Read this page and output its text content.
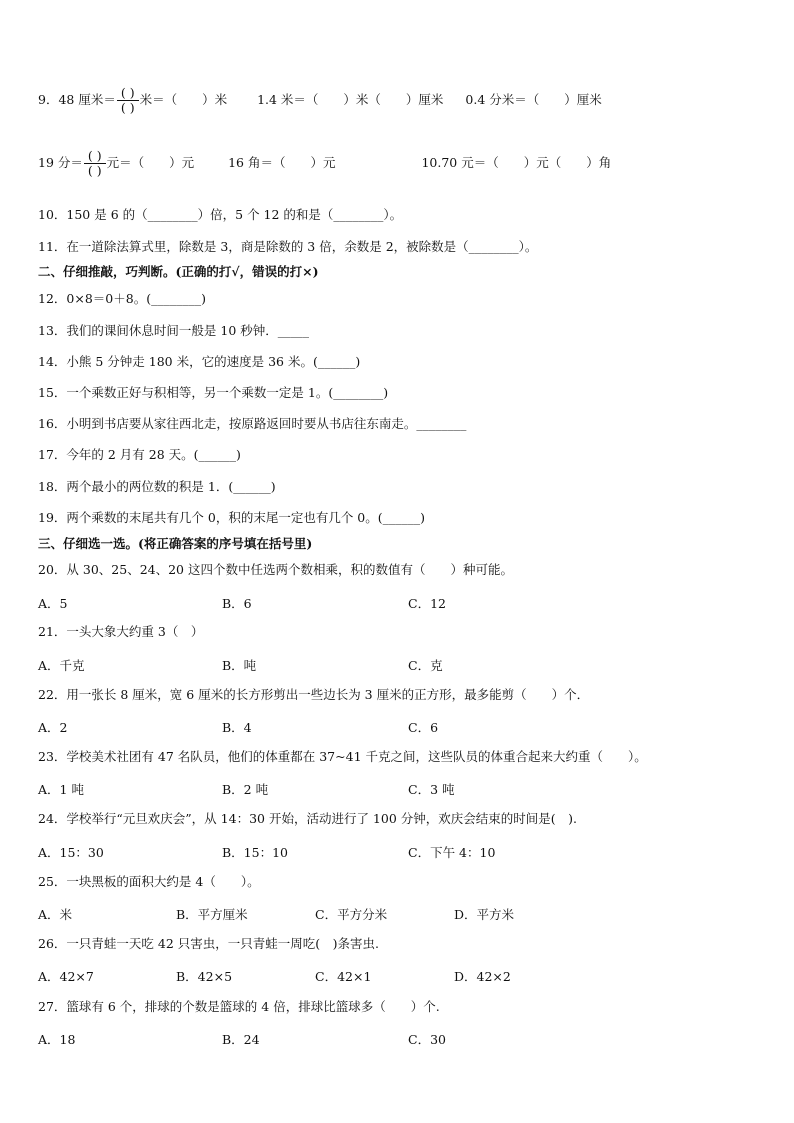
9．48 厘米＝ $\frac{( )}{( )}$ 米＝（　　）米 1.4 米＝（　　）米（　　）厘米 0.4 分米＝（　　）厘米
19 分＝ $\frac{( )}{( )}$ 元＝（　　）元	16 角＝（　　）元	10.70 元＝（　　）元（　　）角
10．150 是 6 的（________）倍，5 个 12 的和是（________）。
11．在一道除法算式里，除数是 3，商是除数的 3 倍，余数是 2，被除数是（________）。
二、仔细推敲，巧判断。(正确的打√，错误的打×)
12．0×8＝0＋8。(________)
13．我们的课间休息时间一般是 10 秒钟．_____
14．小熊 5 分钟走 180 米，它的速度是 36 米。(______)
15．一个乘数正好与积相等，另一个乘数一定是 1。(________)
16．小明到书店要从家往西北走，按原路返回时要从书店往东南走。________
17．今年的 2 月有 28 天。(______)
18．两个最小的两位数的积是 1．(______)
19．两个乘数的末尾共有几个 0，积的末尾一定也有几个 0。(______)
三、仔细选一选。(将正确答案的序号填在括号里)
20．从 30、25、24、20 这四个数中任选两个数相乘，积的数值有（　　）种可能。
A．5	B．6	C．12
21．一头大象大约重 3（　）
A．千克	B．吨	C．克
22．用一张长 8 厘米，宽 6 厘米的长方形剪出一些边长为 3 厘米的正方形，最多能剪（　　）个．
A．2	B．4	C．6
23．学校美术社团有 47 名队员，他们的体重都在 37~41 千克之间，这些队员的体重合起来大约重（　　）。
A．1 吨	B．2 吨	C．3 吨
24．学校举行“元旦欢庆会”，从 14：30 开始，活动进行了 100 分钟，欢庆会结束的时间是(　).
A．15：30	B．15：10	C．下午 4：10
25．一块黑板的面积大约是 4（　　）。
A．米	B．平方厘米	C．平方分米	D．平方米
26．一只青蛙一天吃 42 只害虫，一只青蛙一周吃(　)条害虫.
A．42×7	B．42×5	C．42×1	D．42×2
27．篮球有 6 个，排球的个数是篮球的 4 倍，排球比篮球多（　　）个.
A．18	B．24	C．30
